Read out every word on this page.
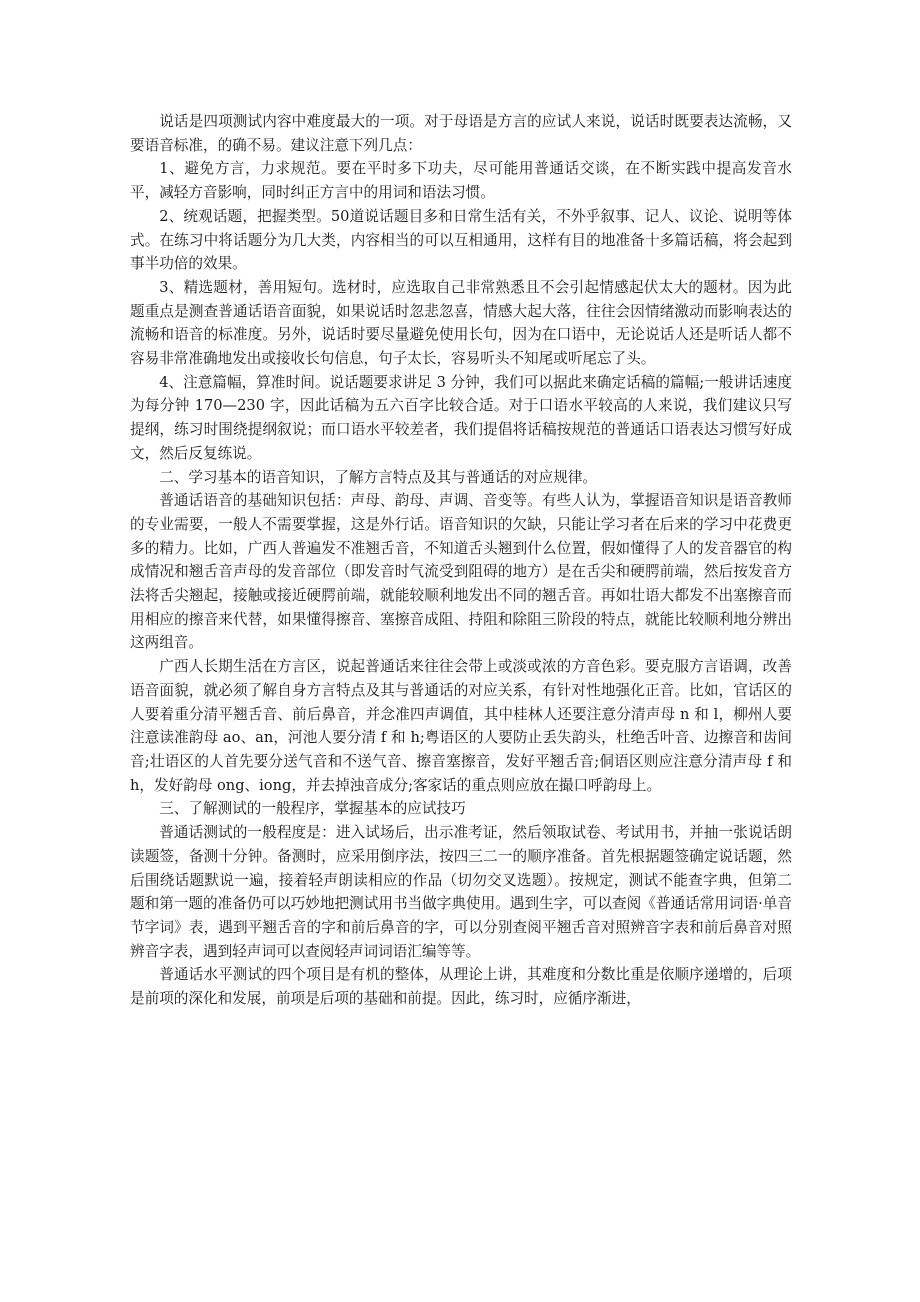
说话是四项测试内容中难度最大的一项。对于母语是方言的应试人来说，说话时既要表达流畅，又要语音标准，的确不易。建议注意下列几点：

1、避免方言，力求规范。要在平时多下功夫，尽可能用普通话交谈，在不断实践中提高发音水平，减轻方音影响，同时纠正方言中的用词和语法习惯。

2、统观话题，把握类型。50道说话题目多和日常生活有关，不外乎叙事、记人、议论、说明等体式。在练习中将话题分为几大类，内容相当的可以互相通用，这样有目的地准备十多篇话稿，将会起到事半功倍的效果。

3、精选题材，善用短句。选材时，应选取自己非常熟悉且不会引起情感起伏太大的题材。因为此题重点是测查普通话语音面貌，如果说话时忽悲忽喜，情感大起大落，往往会因情绪激动而影响表达的流畅和语音的标准度。另外，说话时要尽量避免使用长句，因为在口语中，无论说话人还是听话人都不容易非常准确地发出或接收长句信息，句子太长，容易听头不知尾或听尾忘了头。

4、注意篇幅，算准时间。说话题要求讲足 3 分钟，我们可以据此来确定话稿的篇幅;一般讲话速度为每分钟 170—230 字，因此话稿为五六百字比较合适。对于口语水平较高的人来说，我们建议只写提纲，练习时围绕提纲叙说；而口语水平较差者，我们提倡将话稿按规范的普通话口语表达习惯写好成文，然后反复练说。

二、学习基本的语音知识，了解方言特点及其与普通话的对应规律。

普通话语音的基础知识包括：声母、韵母、声调、音变等。有些人认为，掌握语音知识是语音教师的专业需要，一般人不需要掌握，这是外行话。语音知识的欠缺，只能让学习者在后来的学习中花费更多的精力。比如，广西人普遍发不准翘舌音，不知道舌头翘到什么位置，假如懂得了人的发音器官的构成情况和翘舌音声母的发音部位（即发音时气流受到阻碍的地方）是在舌尖和硬腭前端，然后按发音方法将舌尖翘起，接触或接近硬腭前端，就能较顺利地发出不同的翘舌音。再如壮语大都发不出塞擦音而用相应的擦音来代替，如果懂得擦音、塞擦音成阻、持阻和除阻三阶段的特点，就能比较顺利地分辨出这两组音。

广西人长期生活在方言区，说起普通话来往往会带上或淡或浓的方音色彩。要克服方言语调，改善语音面貌，就必须了解自身方言特点及其与普通话的对应关系，有针对性地强化正音。比如，官话区的人要着重分清平翘舌音、前后鼻音，并念准四声调值，其中桂林人还要注意分清声母 n 和 l，柳州人要注意读准韵母 ao、an，河池人要分清 f 和 h;粤语区的人要防止丢失韵头，杜绝舌叶音、边擦音和齿间音;壮语区的人首先要分送气音和不送气音、擦音塞擦音，发好平翘舌音;侗语区则应注意分清声母 f 和 h，发好韵母 ong、iong，并去掉浊音成分;客家话的重点则应放在撮口呼韵母上。

三、了解测试的一般程序，掌握基本的应试技巧

普通话测试的一般程度是：进入试场后，出示准考证，然后领取试卷、考试用书，并抽一张说话朗读题签，备测十分钟。备测时，应采用倒序法，按四三二一的顺序准备。首先根据题签确定说话题，然后围绕话题默说一遍，接着轻声朗读相应的作品（切勿交叉选题）。按规定，测试不能查字典，但第二题和第一题的准备仍可以巧妙地把测试用书当做字典使用。遇到生字，可以查阅《普通话常用词语·单音节字词》表，遇到平翘舌音的字和前后鼻音的字，可以分别查阅平翘舌音对照辨音字表和前后鼻音对照辨音字表，遇到轻声词可以查阅轻声词词语汇编等等。

普通话水平测试的四个项目是有机的整体，从理论上讲，其难度和分数比重是依顺序递增的，后项是前项的深化和发展，前项是后项的基础和前提。因此，练习时，应循序渐进，
